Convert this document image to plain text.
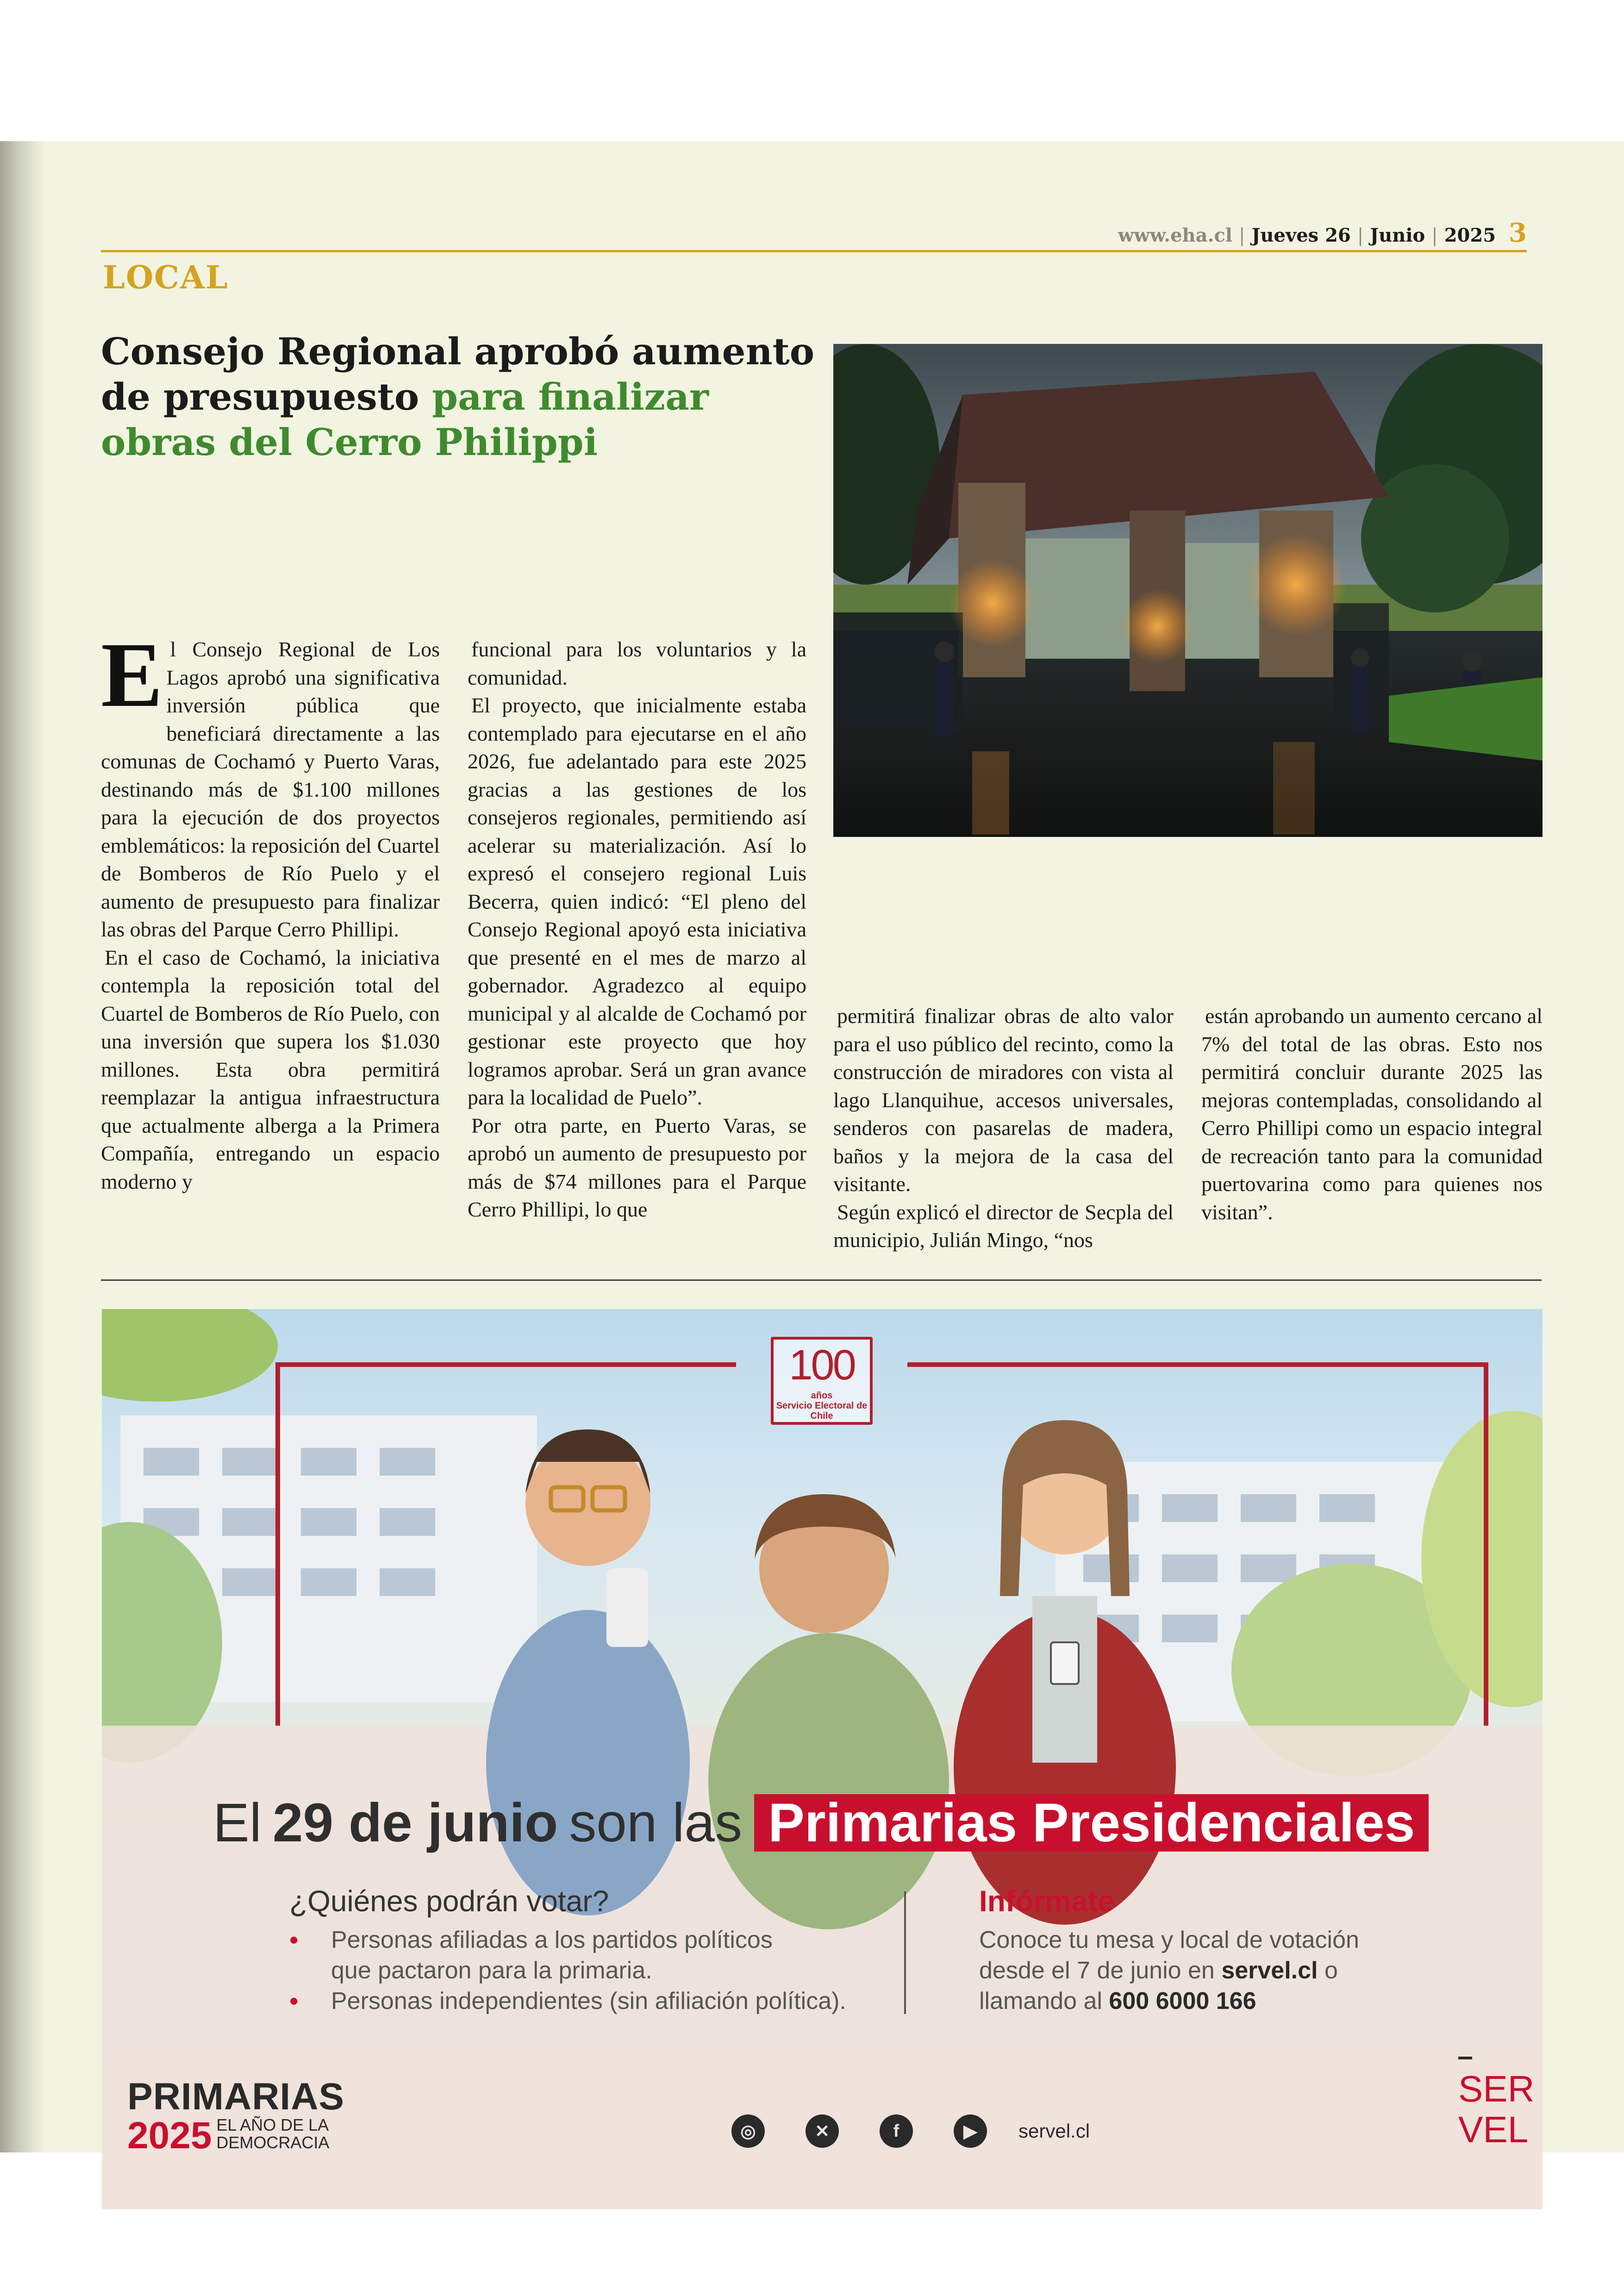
www.eha.cl | Jueves 26 | Junio | 2025 3
LOCAL
Consejo Regional aprobó aumento de presupuesto para finalizar obras del Cerro Philippi
E l Consejo Regional de Los Lagos aprobó una significativa inversión pública que beneficiará directamente a las comunas de Cochamó y Puerto Varas, destinando más de $1.100 millones para la ejecución de dos proyectos emblemáticos: la reposición del Cuartel de Bomberos de Río Puelo y el aumento de presupuesto para finalizar las obras del Parque Cerro Phillipi.

En el caso de Cochamó, la iniciativa contempla la reposición total del Cuartel de Bomberos de Río Puelo, con una inversión que supera los $1.030 millones. Esta obra permitirá reemplazar la antigua infraestructura que actualmente alberga a la Primera Compañía, entregando un espacio moderno y

funcional para los voluntarios y la comunidad.

El proyecto, que inicialmente estaba contemplado para ejecutarse en el año 2026, fue adelantado para este 2025 gracias a las gestiones de los consejeros regionales, permitiendo así acelerar su materialización. Así lo expresó el consejero regional Luis Becerra, quien indicó: “El pleno del Consejo Regional apoyó esta iniciativa que presenté en el mes de marzo al gobernador. Agradezco al equipo municipal y al alcalde de Cochamó por gestionar este proyecto que hoy logramos aprobar. Será un gran avance para la localidad de Puelo”.

Por otra parte, en Puerto Varas, se aprobó un aumento de presupuesto por más de $74 millones para el Parque Cerro Phillipi, lo que

permitirá finalizar obras de alto valor para el uso público del recinto, como la construcción de miradores con vista al lago Llanquihue, accesos universales, senderos con pasarelas de madera, baños y la mejora de la casa del visitante.

Según explicó el director de Secpla del municipio, Julián Mingo, “nos

están aprobando un aumento cercano al 7% del total de las obras. Esto nos permitirá concluir durante 2025 las mejoras contempladas, consolidando al Cerro Phillipi como un espacio integral de recreación tanto para la comunidad puertovarina como para quienes nos visitan”.

100
años
Servicio Electoral de Chile
El 29 de junio son las Primarias Presidenciales
¿Quiénes podrán votar?
• Personas afiliadas a los partidos políticos
que pactaron para la primaria.
• Personas independientes (sin afiliación política).
Infórmate
Conoce tu mesa y local de votación
desde el 7 de junio en servel.cl o
llamando al 600 6000 166
PRIMARIAS
2025 EL AÑO DE LA
DEMOCRACIA
◎	✕	f	▶	servel.cl
SER
VEL
